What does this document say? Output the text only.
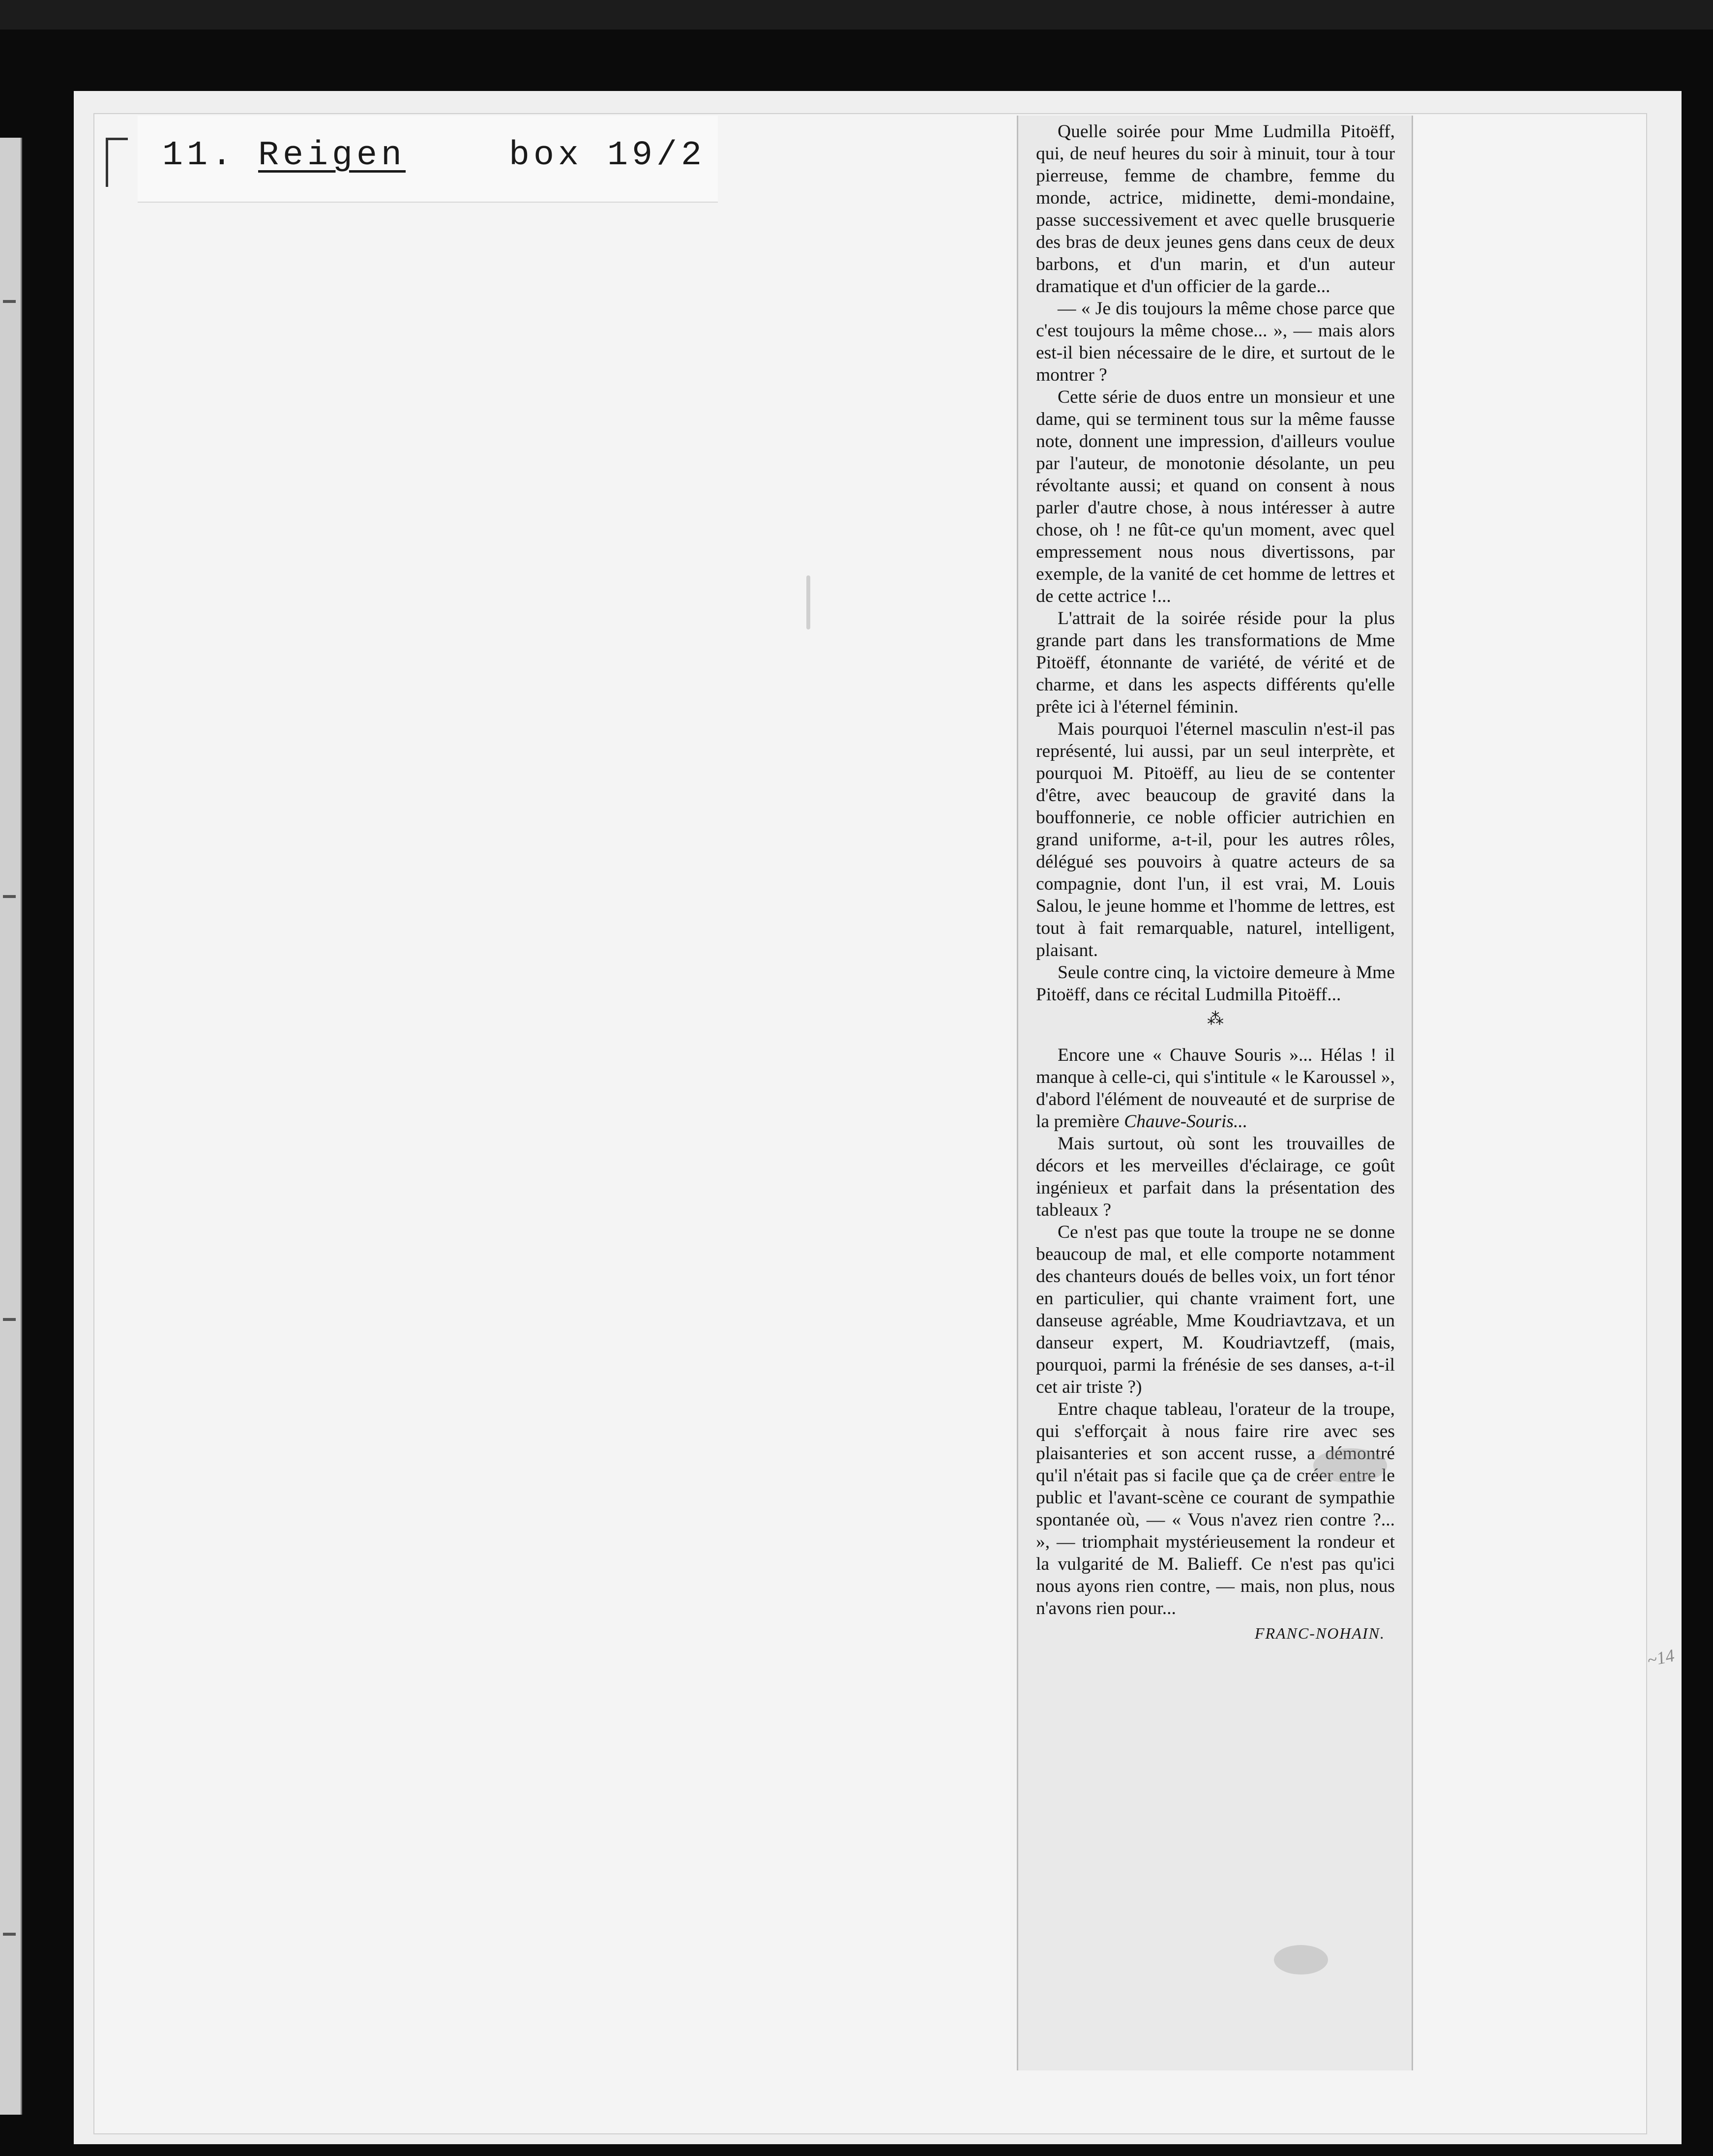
~14
11. Reigen	box 19/2

Quelle soirée pour Mme Ludmilla Pitoëff, qui, de neuf heures du soir à minuit, tour à tour pierreuse, femme de chambre, femme du monde, actrice, midinette, demi-mondaine, passe successivement et avec quelle brusquerie des bras de deux jeunes gens dans ceux de deux barbons, et d'un marin, et d'un auteur dramatique et d'un officier de la garde...

— « Je dis toujours la même chose parce que c'est toujours la même chose... », — mais alors est-il bien nécessaire de le dire, et surtout de le montrer ?

Cette série de duos entre un monsieur et une dame, qui se terminent tous sur la même fausse note, donnent une impression, d'ailleurs voulue par l'auteur, de monotonie désolante, un peu révoltante aussi; et quand on consent à nous parler d'autre chose, à nous intéresser à autre chose, oh ! ne fût-ce qu'un moment, avec quel empressement nous nous divertissons, par exemple, de la vanité de cet homme de lettres et de cette actrice !...

L'attrait de la soirée réside pour la plus grande part dans les transformations de Mme Pitoëff, étonnante de variété, de vérité et de charme, et dans les aspects différents qu'elle prête ici à l'éternel féminin.

Mais pourquoi l'éternel masculin n'est-il pas représenté, lui aussi, par un seul interprète, et pourquoi M. Pitoëff, au lieu de se contenter d'être, avec beaucoup de gravité dans la bouffonnerie, ce noble officier autrichien en grand uniforme, a-t-il, pour les autres rôles, délégué ses pouvoirs à quatre acteurs de sa compagnie, dont l'un, il est vrai, M. Louis Salou, le jeune homme et l'homme de lettres, est tout à fait remarquable, naturel, intelligent, plaisant.

Seule contre cinq, la victoire demeure à Mme Pitoëff, dans ce récital Ludmilla Pitoëff...

⁂

Encore une « Chauve Souris »... Hélas ! il manque à celle-ci, qui s'intitule « le Karoussel », d'abord l'élément de nouveauté et de surprise de la première Chauve-Souris...

Mais surtout, où sont les trouvailles de décors et les merveilles d'éclairage, ce goût ingénieux et parfait dans la présentation des tableaux ?

Ce n'est pas que toute la troupe ne se donne beaucoup de mal, et elle comporte notamment des chanteurs doués de belles voix, un fort ténor en particulier, qui chante vraiment fort, une danseuse agréable, Mme Koudriavtzava, et un danseur expert, M. Koudriavtzeff, (mais, pourquoi, parmi la frénésie de ses danses, a-t-il cet air triste ?)

Entre chaque tableau, l'orateur de la troupe, qui s'efforçait à nous faire rire avec ses plaisanteries et son accent russe, a démontré qu'il n'était pas si facile que ça de créer entre le public et l'avant-scène ce courant de sympathie spontanée où, — « Vous n'avez rien contre ?... », — triomphait mystérieusement la rondeur et la vulgarité de M. Balieff. Ce n'est pas qu'ici nous ayons rien contre, — mais, non plus, nous n'avons rien pour...

FRANC-NOHAIN.
